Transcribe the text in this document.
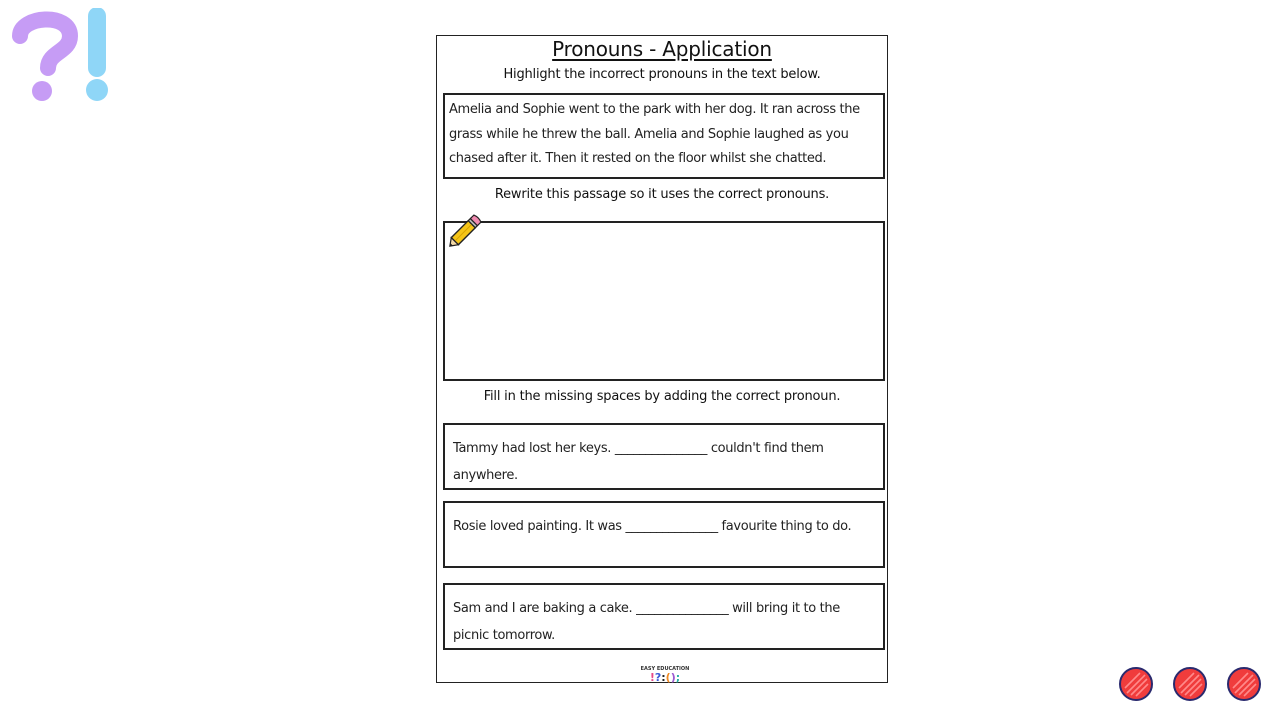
Pronouns - Application
Highlight the incorrect pronouns in the text below.
Amelia and Sophie went to the park with her dog. It ran across the grass while he threw the ball. Amelia and Sophie laughed as you chased after it. Then it rested on the floor whilst she chatted.
Rewrite this passage so it uses the correct pronouns.
Fill in the missing spaces by adding the correct pronoun.
Tammy had lost her keys. _______________ couldn't find them anywhere.
Rosie loved painting. It was _______________ favourite thing to do.
Sam and I are baking a cake. _______________ will bring it to the picnic tomorrow.
EASY EDUCATION
!?:();
